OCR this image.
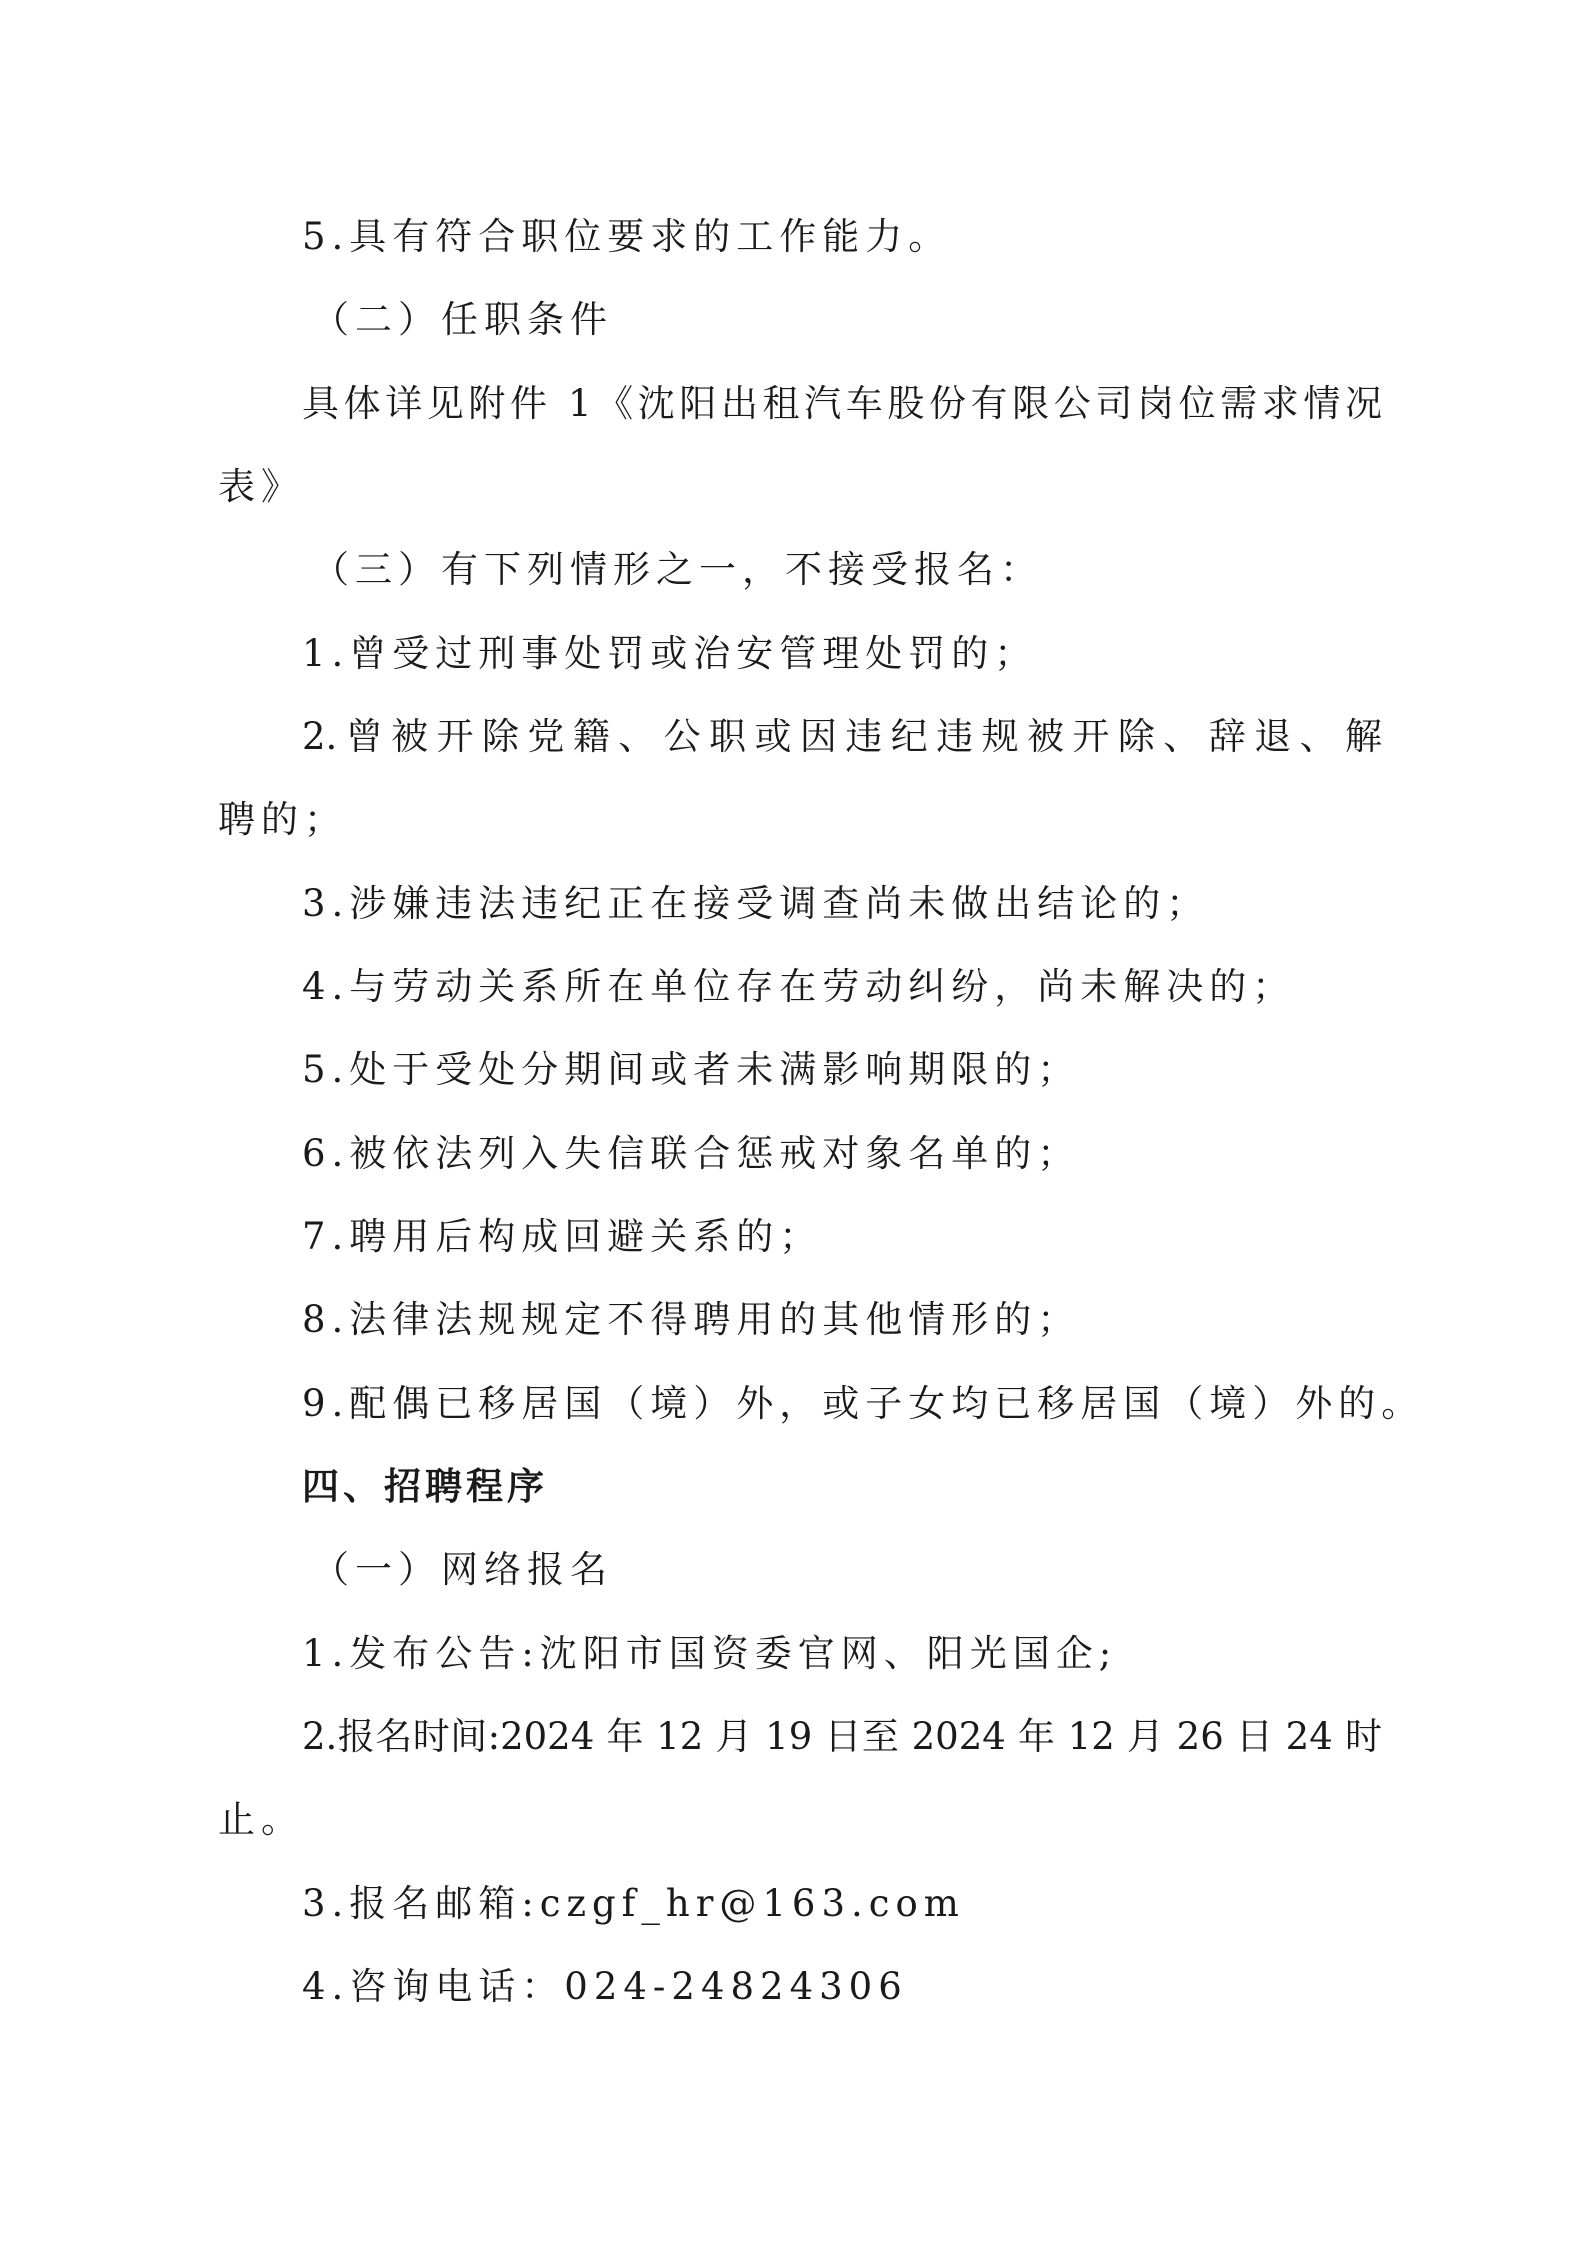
5.具有符合职位要求的工作能力。
（二）任职条件
具体详见附件 1《沈阳出租汽车股份有限公司岗位需求情况
表》
（三）有下列情形之一，不接受报名：
1.曾受过刑事处罚或治安管理处罚的；
2.曾被开除党籍、公职或因违纪违规被开除、辞退、解
聘的；
3.涉嫌违法违纪正在接受调查尚未做出结论的；
4.与劳动关系所在单位存在劳动纠纷，尚未解决的；
5.处于受处分期间或者未满影响期限的；
6.被依法列入失信联合惩戒对象名单的；
7.聘用后构成回避关系的；
8.法律法规规定不得聘用的其他情形的；
9.配偶已移居国（境）外，或子女均已移居国（境）外的。
四、招聘程序
（一）网络报名
1.发布公告:沈阳市国资委官网、阳光国企;
2.报名时间:2024 年 12 月 19 日至 2024 年 12 月 26 日 24 时
止。
3.报名邮箱:czgf_hr@163.com
4.咨询电话：024-24824306
